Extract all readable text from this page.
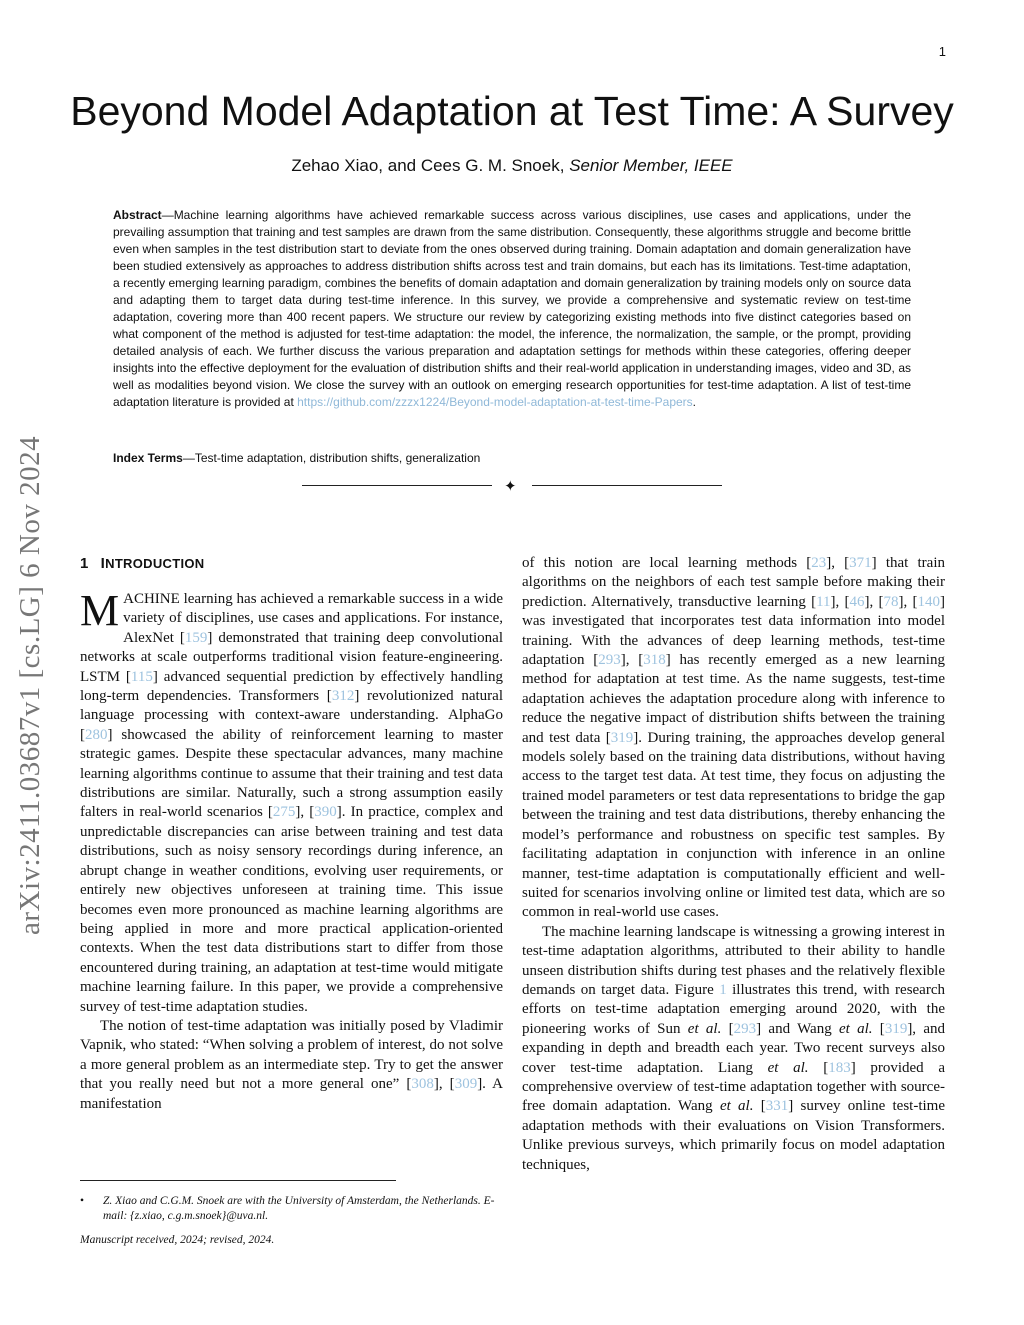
1
arXiv:2411.03687v1 [cs.LG] 6 Nov 2024
Beyond Model Adaptation at Test Time: A Survey
Zehao Xiao, and Cees G. M. Snoek, Senior Member, IEEE

Abstract—Machine learning algorithms have achieved remarkable success across various disciplines, use cases and applications, under the prevailing assumption that training and test samples are drawn from the same distribution. Consequently, these algorithms struggle and become brittle even when samples in the test distribution start to deviate from the ones observed during training. Domain adaptation and domain generalization have been studied extensively as approaches to address distribution shifts across test and train domains, but each has its limitations. Test-time adaptation, a recently emerging learning paradigm, combines the benefits of domain adaptation and domain generalization by training models only on source data and adapting them to target data during test-time inference. In this survey, we provide a comprehensive and systematic review on test-time adaptation, covering more than 400 recent papers. We structure our review by categorizing existing methods into five distinct categories based on what component of the method is adjusted for test-time adaptation: the model, the inference, the normalization, the sample, or the prompt, providing detailed analysis of each. We further discuss the various preparation and adaptation settings for methods within these categories, offering deeper insights into the effective deployment for the evaluation of distribution shifts and their real-world application in understanding images, video and 3D, as well as modalities beyond vision. We close the survey with an outlook on emerging research opportunities for test-time adaptation. A list of test-time adaptation literature is provided at https://github.com/zzzx1224/Beyond-model-adaptation-at-test-time-Papers.

Index Terms—Test-time adaptation, distribution shifts, generalization
✦
1 INTRODUCTION

MACHINE learning has achieved a remarkable success in a wide variety of disciplines, use cases and applications. For instance, AlexNet [159] demonstrated that training deep convolutional networks at scale outperforms traditional vision feature-engineering. LSTM [115] advanced sequential prediction by effectively handling long-term dependencies. Transformers [312] revolutionized natural language processing with context-aware understanding. AlphaGo [280] showcased the ability of reinforcement learning to master strategic games. Despite these spectacular advances, many machine learning algorithms continue to assume that their training and test data distributions are similar. Naturally, such a strong assumption easily falters in real-world scenarios [275], [390]. In practice, complex and unpredictable discrepancies can arise between training and test data distributions, such as noisy sensory recordings during inference, an abrupt change in weather conditions, evolving user requirements, or entirely new objectives unforeseen at training time. This issue becomes even more pronounced as machine learning algorithms are being applied in more and more practical application-oriented contexts. When the test data distributions start to differ from those encountered during training, an adaptation at test-time would mitigate machine learning failure. In this paper, we provide a comprehensive survey of test-time adaptation studies.

The notion of test-time adaptation was initially posed by Vladimir Vapnik, who stated: “When solving a problem of interest, do not solve a more general problem as an intermediate step. Try to get the answer that you really need but not a more general one” [308], [309]. A manifestation

of this notion are local learning methods [23], [371] that train algorithms on the neighbors of each test sample before making their prediction. Alternatively, transductive learning [11], [46], [78], [140] was investigated that incorporates test data information into model training. With the advances of deep learning methods, test-time adaptation [293], [318] has recently emerged as a new learning method for adaptation at test time. As the name suggests, test-time adaptation achieves the adaptation procedure along with inference to reduce the negative impact of distribution shifts between the training and test data [319]. During training, the approaches develop general models solely based on the training data distributions, without having access to the target test data. At test time, they focus on adjusting the trained model parameters or test data representations to bridge the gap between the training and test data distributions, thereby enhancing the model’s performance and robustness on specific test samples. By facilitating adaptation in conjunction with inference in an online manner, test-time adaptation is computationally efficient and well-suited for scenarios involving online or limited test data, which are so common in real-world use cases.

The machine learning landscape is witnessing a growing interest in test-time adaptation algorithms, attributed to their ability to handle unseen distribution shifts during test phases and the relatively flexible demands on target data. Figure 1 illustrates this trend, with research efforts on test-time adaptation emerging around 2020, with the pioneering works of Sun et al. [293] and Wang et al. [319], and expanding in depth and breadth each year. Two recent surveys also cover test-time adaptation. Liang et al. [183] provided a comprehensive overview of test-time adaptation together with source-free domain adaptation. Wang et al. [331] survey online test-time adaptation methods with their evaluations on Vision Transformers. Unlike previous surveys, which primarily focus on model adaptation techniques,

• Z. Xiao and C.G.M. Snoek are with the University of Amsterdam, the Netherlands. E-mail: {z.xiao, c.g.m.snoek}@uva.nl.
Manuscript received, 2024; revised, 2024.
